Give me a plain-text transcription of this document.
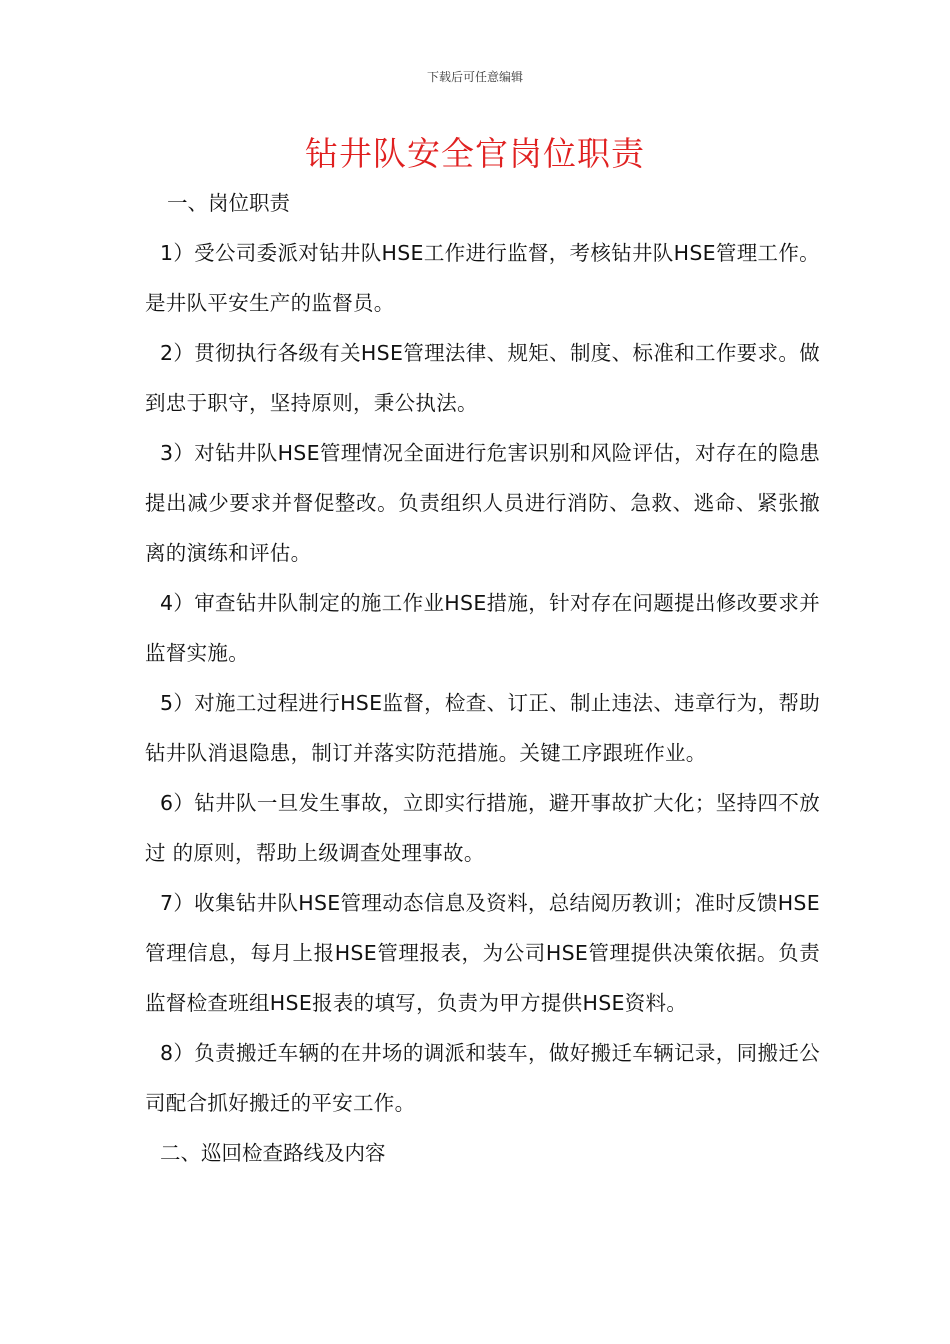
下载后可任意编辑
钻井队安全官岗位职责
一、岗位职责

1）受公司委派对钻井队HSE工作进行监督，考核钻井队HSE管理工作。是井队平安生产的监督员。

2）贯彻执行各级有关HSE管理法律、规矩、制度、标准和工作要求。做到忠于职守，坚持原则，秉公执法。

3）对钻井队HSE管理情况全面进行危害识别和风险评估，对存在的隐患提出减少要求并督促整改。负责组织人员进行消防、急救、逃命、紧张撤离的演练和评估。

4）审查钻井队制定的施工作业HSE措施，针对存在问题提出修改要求并监督实施。

5）对施工过程进行HSE监督，检查、订正、制止违法、违章行为，帮助钻井队消退隐患，制订并落实防范措施。关键工序跟班作业。

6）钻井队一旦发生事故，立即实行措施，避开事故扩大化；坚持四不放过 的原则，帮助上级调查处理事故。

7）收集钻井队HSE管理动态信息及资料，总结阅历教训；准时反馈HSE管理信息，每月上报HSE管理报表，为公司HSE管理提供决策依据。负责监督检查班组HSE报表的填写，负责为甲方提供HSE资料。

8）负责搬迁车辆的在井场的调派和装车，做好搬迁车辆记录，同搬迁公司配合抓好搬迁的平安工作。

二、巡回检查路线及内容
